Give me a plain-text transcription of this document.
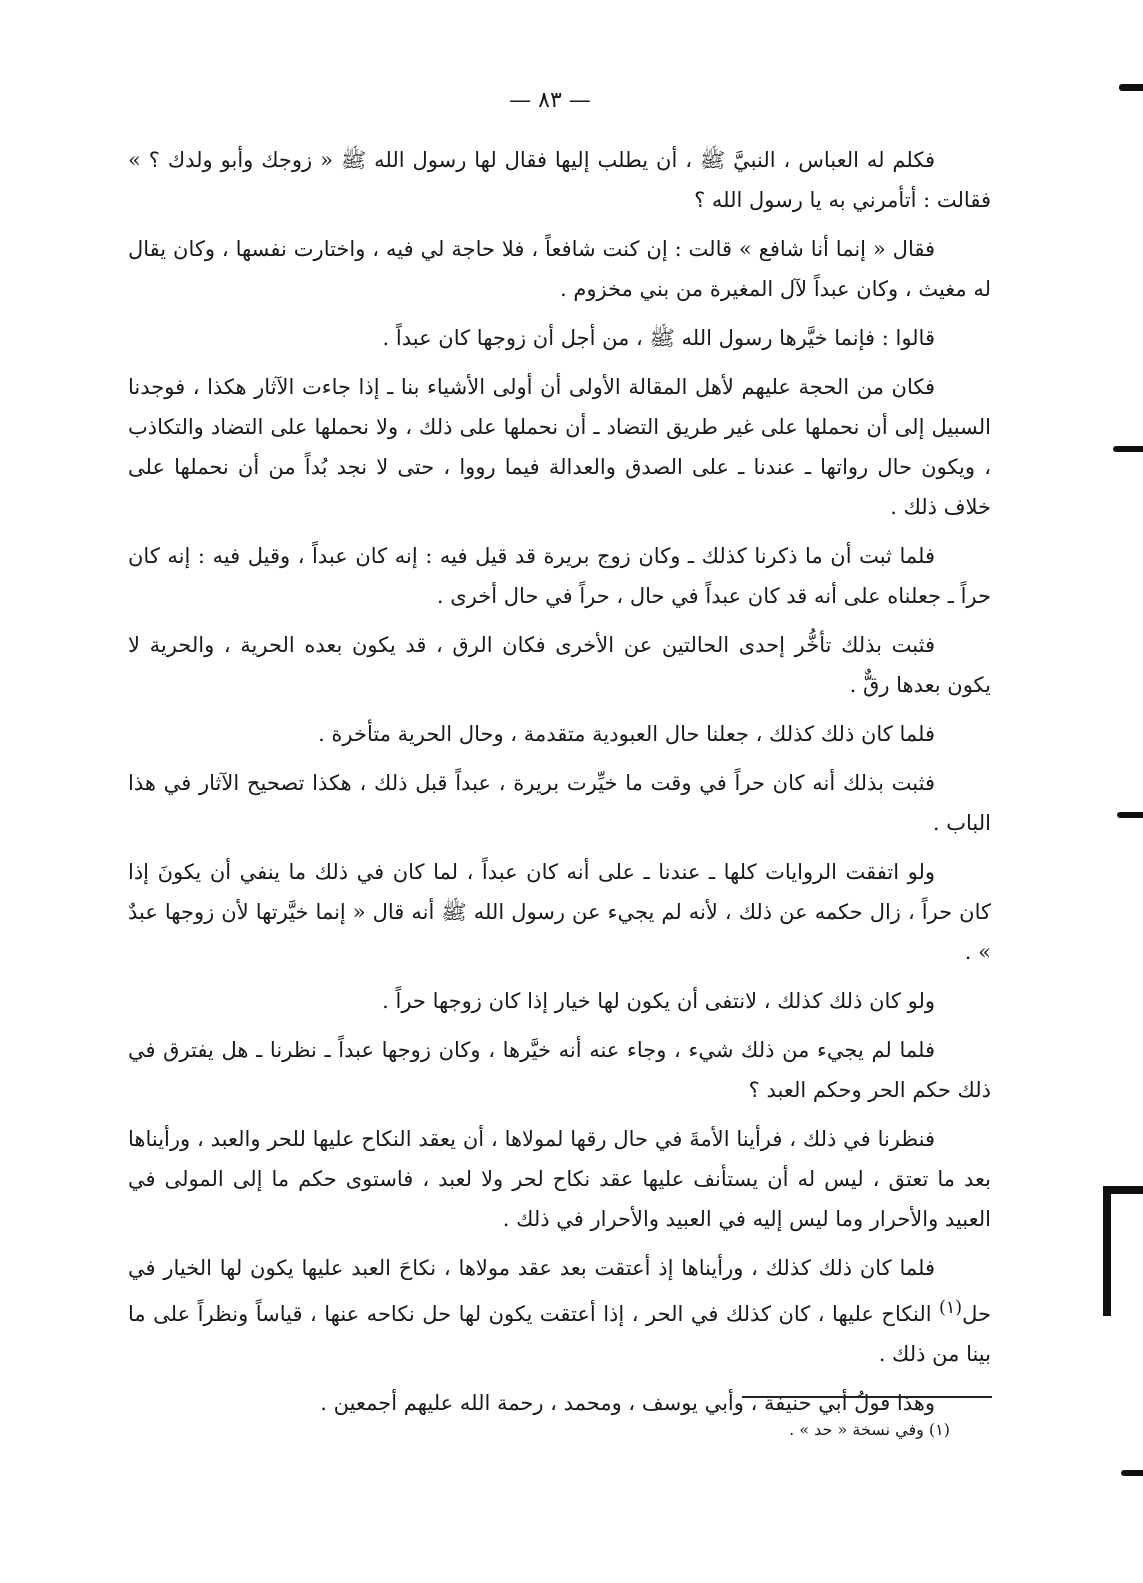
— ٨٣ —

فكلم له العباس ، النبيَّ ﷺ ، أن يطلب إليها فقال لها رسول الله ﷺ « زوجك وأبو ولدك ؟ » فقالت : أتأمرني به يا رسول الله ؟

فقال « إنما أنا شافع » قالت : إن كنت شافعاً ، فلا حاجة لي فيه ، واختارت نفسها ، وكان يقال له مغيث ، وكان عبداً لآل المغيرة من بني مخزوم .

قالوا : فإنما خيَّرها رسول الله ﷺ ، من أجل أن زوجها كان عبداً .

فكان من الحجة عليهم لأهل المقالة الأولى أن أولى الأشياء بنا ـ إذا جاءت الآثار هكذا ، فوجدنا السبيل إلى أن نحملها على غير طريق التضاد ـ أن نحملها على ذلك ، ولا نحملها على التضاد والتكاذب ، ويكون حال رواتها ـ عندنا ـ على الصدق والعدالة فيما رووا ، حتى لا نجد بُداً من أن نحملها على خلاف ذلك .

فلما ثبت أن ما ذكرنا كذلك ـ وكان زوج بريرة قد قيل فيه : إنه كان عبداً ، وقيل فيه : إنه كان حراً ـ جعلناه على أنه قد كان عبداً في حال ، حراً في حال أخرى .

فثبت بذلك تأخُّر إحدى الحالتين عن الأخرى فكان الرق ، قد يكون بعده الحرية ، والحرية لا يكون بعدها رقٌّ .

فلما كان ذلك كذلك ، جعلنا حال العبودية متقدمة ، وحال الحرية متأخرة .

فثبت بذلك أنه كان حراً في وقت ما خيِّرت بريرة ، عبداً قبل ذلك ، هكذا تصحيح الآثار في هذا الباب .

ولو اتفقت الروايات كلها ـ عندنا ـ على أنه كان عبداً ، لما كان في ذلك ما ينفي أن يكونَ إذا كان حراً ، زال حكمه عن ذلك ، لأنه لم يجيء عن رسول الله ﷺ أنه قال « إنما خيَّرتها لأن زوجها عبدٌ » .

ولو كان ذلك كذلك ، لانتفى أن يكون لها خيار إذا كان زوجها حراً .

فلما لم يجيء من ذلك شيء ، وجاء عنه أنه خيَّرها ، وكان زوجها عبداً ـ نظرنا ـ هل يفترق في ذلك حكم الحر وحكم العبد ؟

فنظرنا في ذلك ، فرأينا الأمةَ في حال رقها لمولاها ، أن يعقد النكاح عليها للحر والعبد ، ورأيناها بعد ما تعتق ، ليس له أن يستأنف عليها عقد نكاح لحر ولا لعبد ، فاستوى حكم ما إلى المولى في العبيد والأحرار وما ليس إليه في العبيد والأحرار في ذلك .

فلما كان ذلك كذلك ، ورأيناها إذ أعتقت بعد عقد مولاها ، نكاحَ العبد عليها يكون لها الخيار في حل$^{(١)}$ النكاح عليها ، كان كذلك في الحر ، إذا أعتقت يكون لها حل نكاحه عنها ، قياساً ونظراً على ما بينا من ذلك .

وهذا قولُ أبي حنيفة ، وأبي يوسف ، ومحمد ، رحمة الله عليهم أجمعين .

(١) وفي نسخة « حد » .
